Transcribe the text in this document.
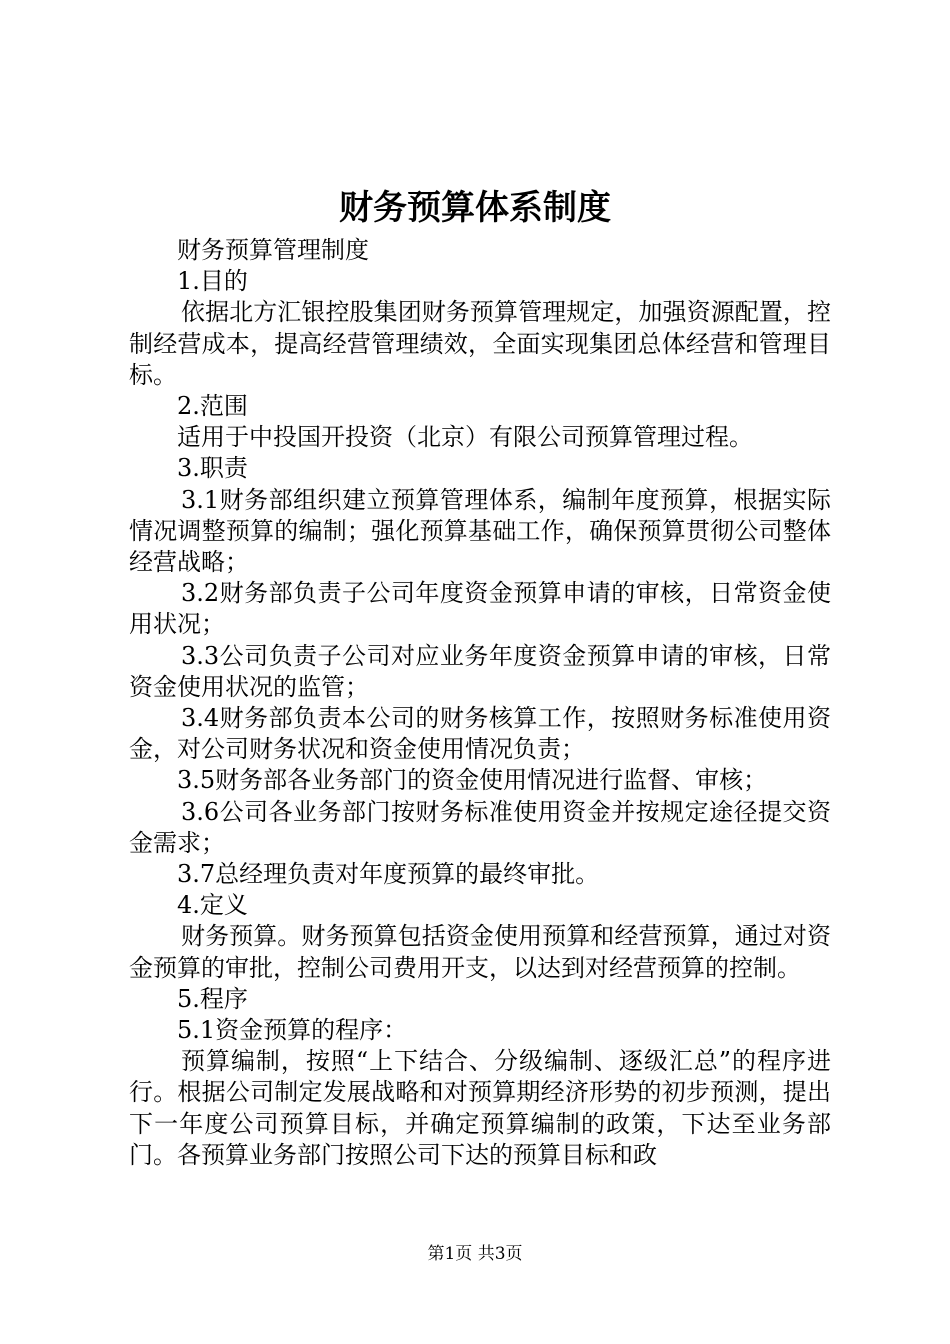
财务预算体系制度

财务预算管理制度

1.目的

依据北方汇银控股集团财务预算管理规定，加强资源配置，控制经营成本，提高经营管理绩效，全面实现集团总体经营和管理目标。

2.范围

适用于中投国开投资（北京）有限公司预算管理过程。

3.职责

3.1财务部组织建立预算管理体系，编制年度预算，根据实际情况调整预算的编制；强化预算基础工作，确保预算贯彻公司整体经营战略；

3.2财务部负责子公司年度资金预算申请的审核，日常资金使用状况；

3.3公司负责子公司对应业务年度资金预算申请的审核，日常资金使用状况的监管；

3.4财务部负责本公司的财务核算工作，按照财务标准使用资金，对公司财务状况和资金使用情况负责；

3.5财务部各业务部门的资金使用情况进行监督、审核；

3.6公司各业务部门按财务标准使用资金并按规定途径提交资金需求；

3.7总经理负责对年度预算的最终审批。

4.定义

财务预算。财务预算包括资金使用预算和经营预算，通过对资金预算的审批，控制公司费用开支，以达到对经营预算的控制。

5.程序

5.1资金预算的程序：

预算编制，按照“上下结合、分级编制、逐级汇总”的程序进行。根据公司制定发展战略和对预算期经济形势的初步预测，提出下一年度公司预算目标，并确定预算编制的政策，下达至业务部门。各预算业务部门按照公司下达的预算目标和政

第1页 共3页
